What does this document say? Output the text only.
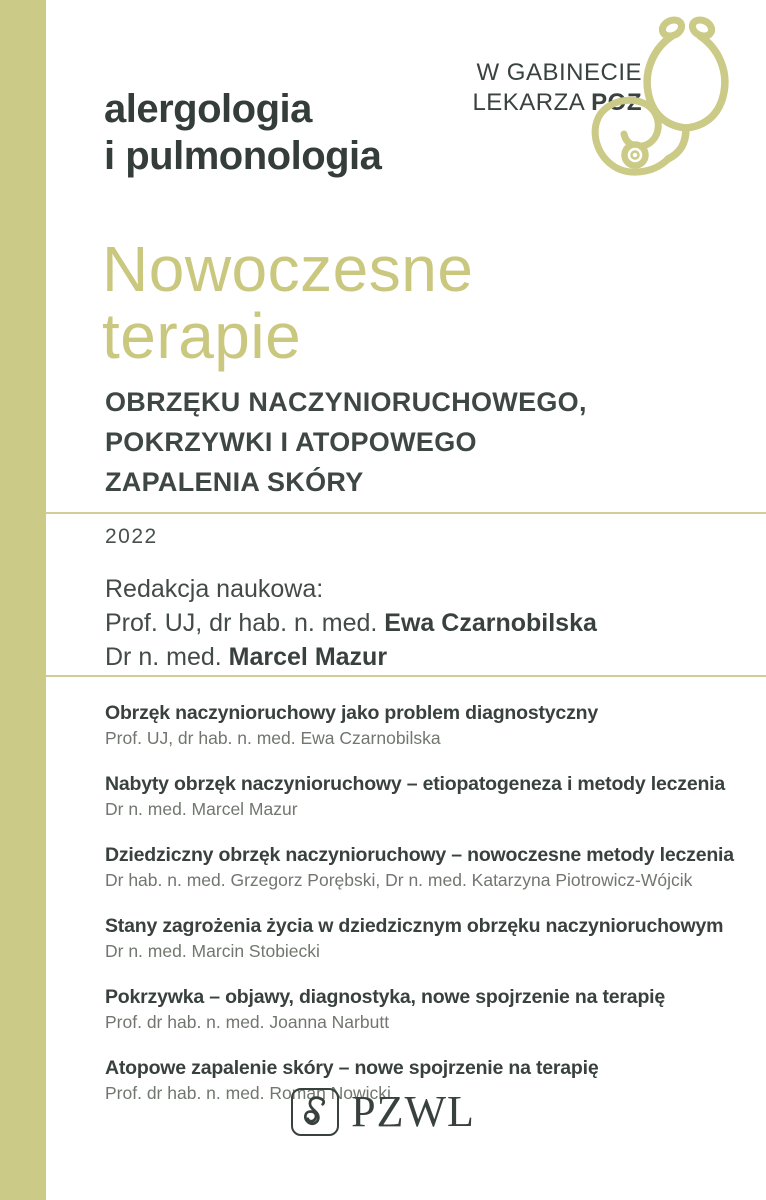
W GABINECIE
LEKARZA POZ
alergologia
i pulmonologia
Nowoczesne
terapie
OBRZĘKU NACZYNIORUCHOWEGO,
POKRZYWKI I ATOPOWEGO
ZAPALENIA SKÓRY
2022
Redakcja naukowa:
Prof. UJ, dr hab. n. med. Ewa Czarnobilska
Dr n. med. Marcel Mazur
Obrzęk naczynioruchowy jako problem diagnostyczny
Prof. UJ, dr hab. n. med. Ewa Czarnobilska
Nabyty obrzęk naczynioruchowy – etiopatogeneza i metody leczenia
Dr n. med. Marcel Mazur
Dziedziczny obrzęk naczynioruchowy – nowoczesne metody leczenia
Dr hab. n. med. Grzegorz Porębski, Dr n. med. Katarzyna Piotrowicz-Wójcik
Stany zagrożenia życia w dziedzicznym obrzęku naczynioruchowym
Dr n. med. Marcin Stobiecki
Pokrzywka – objawy, diagnostyka, nowe spojrzenie na terapię
Prof. dr hab. n. med. Joanna Narbutt
Atopowe zapalenie skóry – nowe spojrzenie na terapię
Prof. dr hab. n. med. Roman Nowicki
PZWL
